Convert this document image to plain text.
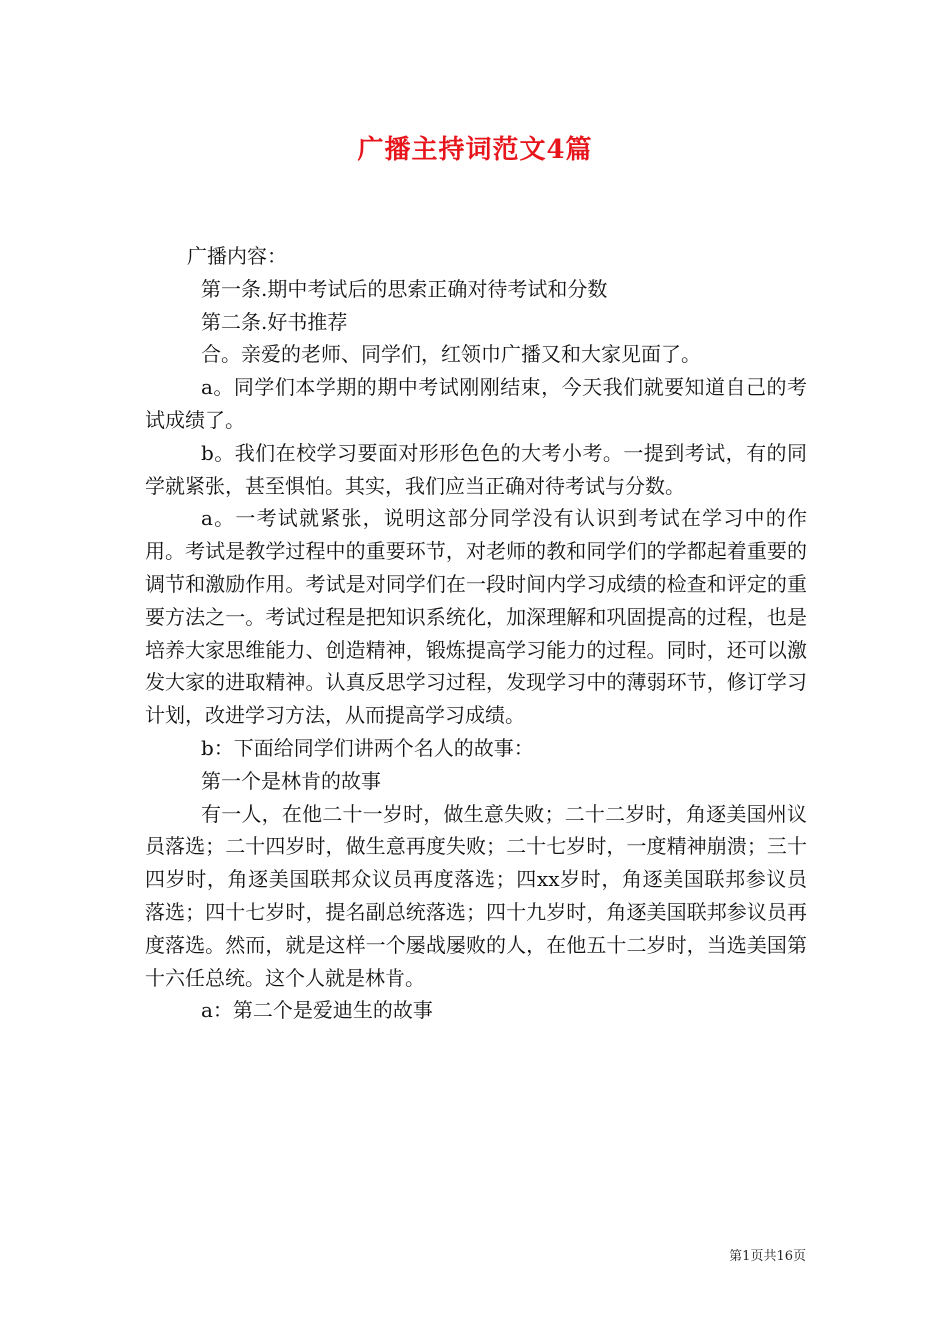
广播主持词范文4篇

广播内容：

第一条.期中考试后的思索正确对待考试和分数

第二条.好书推荐

合。亲爱的老师、同学们，红领巾广播又和大家见面了。

a。同学们本学期的期中考试刚刚结束，今天我们就要知道自己的考试成绩了。

b。我们在校学习要面对形形色色的大考小考。一提到考试，有的同学就紧张，甚至惧怕。其实，我们应当正确对待考试与分数。

a。一考试就紧张，说明这部分同学没有认识到考试在学习中的作用。考试是教学过程中的重要环节，对老师的教和同学们的学都起着重要的调节和激励作用。考试是对同学们在一段时间内学习成绩的检查和评定的重要方法之一。考试过程是把知识系统化，加深理解和巩固提高的过程，也是培养大家思维能力、创造精神，锻炼提高学习能力的过程。同时，还可以激发大家的进取精神。认真反思学习过程，发现学习中的薄弱环节，修订学习计划，改进学习方法，从而提高学习成绩。

b：下面给同学们讲两个名人的故事：

第一个是林肯的故事

有一人，在他二十一岁时，做生意失败；二十二岁时，角逐美国州议员落选；二十四岁时，做生意再度失败；二十七岁时，一度精神崩溃；三十四岁时，角逐美国联邦众议员再度落选；四xx岁时，角逐美国联邦参议员落选；四十七岁时，提名副总统落选；四十九岁时，角逐美国联邦参议员再度落选。然而，就是这样一个屡战屡败的人，在他五十二岁时，当选美国第十六任总统。这个人就是林肯。

a：第二个是爱迪生的故事

第1页共16页
